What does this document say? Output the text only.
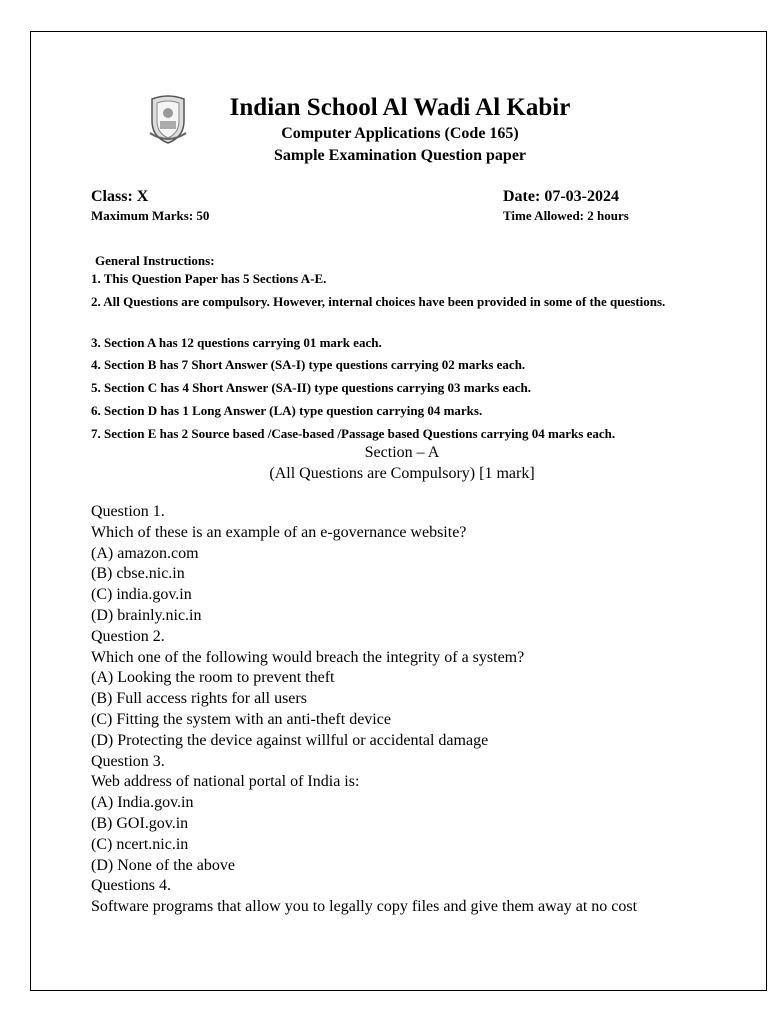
Indian School Al Wadi Al Kabir
Computer Applications (Code 165)
Sample Examination Question paper
Class: X
Maximum Marks: 50
Date: 07-03-2024
Time Allowed: 2 hours
General Instructions:
1. This Question Paper has 5 Sections A-E.
2. All Questions are compulsory. However, internal choices have been provided in some of the questions.
3. Section A has 12 questions carrying 01 mark each.
4. Section B has 7 Short Answer (SA-I) type questions carrying 02 marks each.
5. Section C has 4 Short Answer (SA-II) type questions carrying 03 marks each.
6. Section D has 1 Long Answer (LA) type question carrying 04 marks.
7. Section E has 2 Source based /Case-based /Passage based Questions carrying 04 marks each.
Section – A
(All Questions are Compulsory) [1 mark]
Question 1.
Which of these is an example of an e-governance website?
(A) amazon.com
(B) cbse.nic.in
(C) india.gov.in
(D) brainly.nic.in
Question 2.
Which one of the following would breach the integrity of a system?
(A) Looking the room to prevent theft
(B) Full access rights for all users
(C) Fitting the system with an anti-theft device
(D) Protecting the device against willful or accidental damage
Question 3.
Web address of national portal of India is:
(A) India.gov.in
(B) GOI.gov.in
(C) ncert.nic.in
(D) None of the above
Questions 4.
Software programs that allow you to legally copy files and give them away at no cost
